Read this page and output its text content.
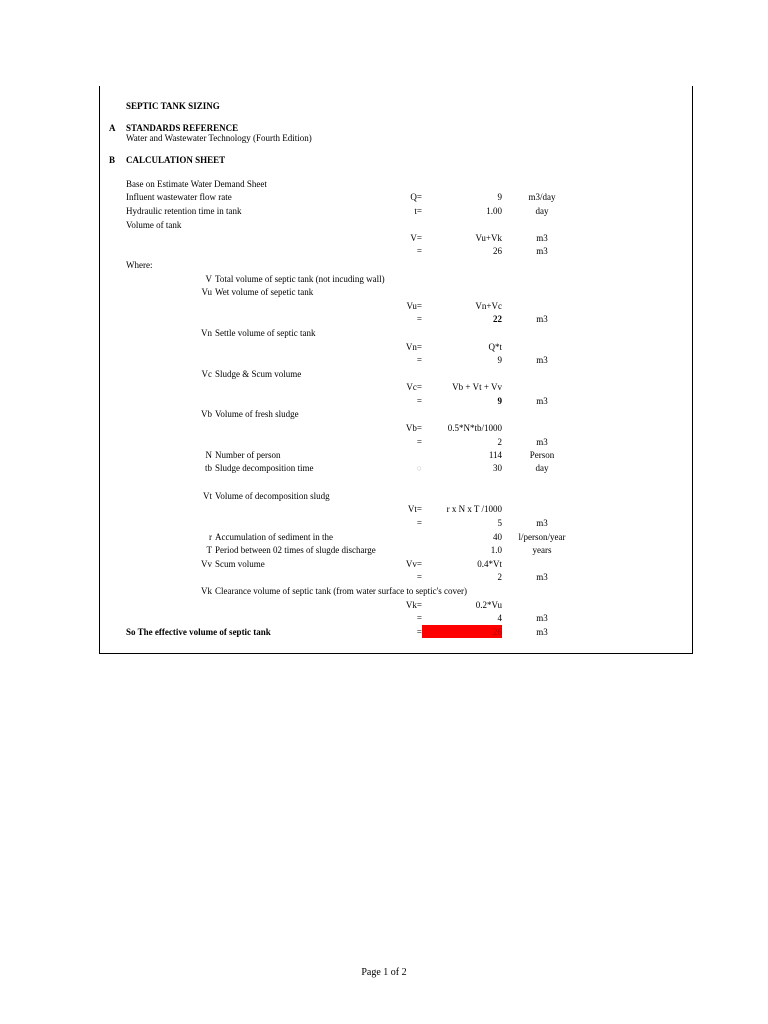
SEPTIC TANK SIZING
A STANDARDS REFERENCE
Water and Wastewater Technology (Fourth Edition)
B CALCULATION SHEET
Base on Estimate Water Demand Sheet
Influent wastewater flow rate	Q=	9	m3/day
Hydraulic retention time in tank	t=	1.00	day
Volume of tank
V=	Vu+Vk	m3
=	26	m3
Where:
V Total volume of septic tank (not incuding wall)
Vu Wet volume of sepetic tank
Vu=	Vn+Vc
=	22	m3
Vn Settle volume of septic tank
Vn=	Q*t
=	9	m3
Vc Sludge & Scum volume
Vc=	Vb + Vt + Vv
=	9	m3
Vb Volume of fresh sludge
Vb=	0.5*N*tb/1000
=	2	m3
N Number of person	114	Person
tb Sludge decomposition time	○	30	day
Vt Volume of decomposition sludg
Vt=	r x N x T /1000
=	5	m3
r Accumulation of sediment in the	40	l/person/year
T Period between 02 times of slugde discharge	1.0	years
Vv Scum volume	Vv=	0.4*Vt
=	2	m3
Vk Clearance volume of septic tank (from water surface to septic's cover)
Vk=	0.2*Vu
=	4	m3
So The effective volume of septic tank	=	26	m3
Page 1 of 2
